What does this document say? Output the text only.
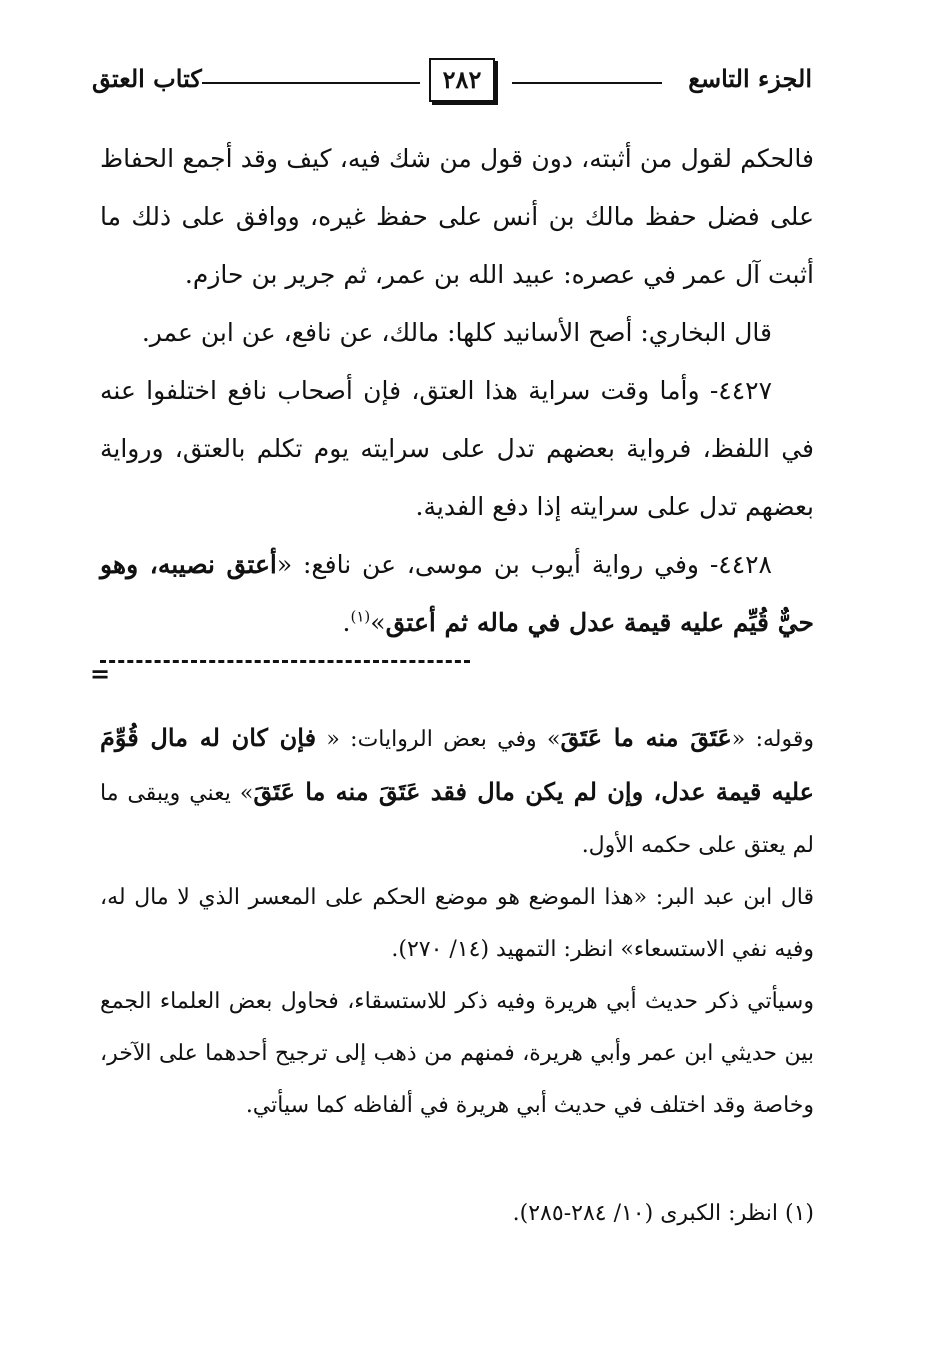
الجزء التاسع
٢٨٢
كتاب العتق

فالحكم لقول من أثبته، دون قول من شك فيه، كيف وقد أجمع الحفاظ على فضل حفظ مالك بن أنس على حفظ غيره، ووافق على ذلك ما أثبت آل عمر في عصره: عبيد الله بن عمر، ثم جرير بن حازم.

قال البخاري: أصح الأسانيد كلها: مالك، عن نافع، عن ابن عمر.

٤٤٢٧- وأما وقت سراية هذا العتق، فإن أصحاب نافع اختلفوا عنه في اللفظ، فرواية بعضهم تدل على سرايته يوم تكلم بالعتق، ورواية بعضهم تدل على سرايته إذا دفع الفدية.

٤٤٢٨- وفي رواية أيوب بن موسى، عن نافع: «أعتق نصيبه، وهو حيٌّ قُيِّم عليه قيمة عدل في ماله ثم أعتق»$^{(١)}$.

=

وقوله: «عَتَقَ منه ما عَتَقَ» وفي بعض الروايات: « فإن كان له مال قُوِّمَ عليه قيمة عدل، وإن لم يكن مال فقد عَتَقَ منه ما عَتَقَ» يعني ويبقى ما لم يعتق على حكمه الأول.

قال ابن عبد البر: «هذا الموضع هو موضع الحكم على المعسر الذي لا مال له، وفيه نفي الاستسعاء» انظر: التمهيد (١٤/ ٢٧٠).

وسيأتي ذكر حديث أبي هريرة وفيه ذكر للاستسقاء، فحاول بعض العلماء الجمع بين حديثي ابن عمر وأبي هريرة، فمنهم من ذهب إلى ترجيح أحدهما على الآخر، وخاصة وقد اختلف في حديث أبي هريرة في ألفاظه كما سيأتي.

(١) انظر: الكبرى (١٠/ ٢٨٤-٢٨٥).
